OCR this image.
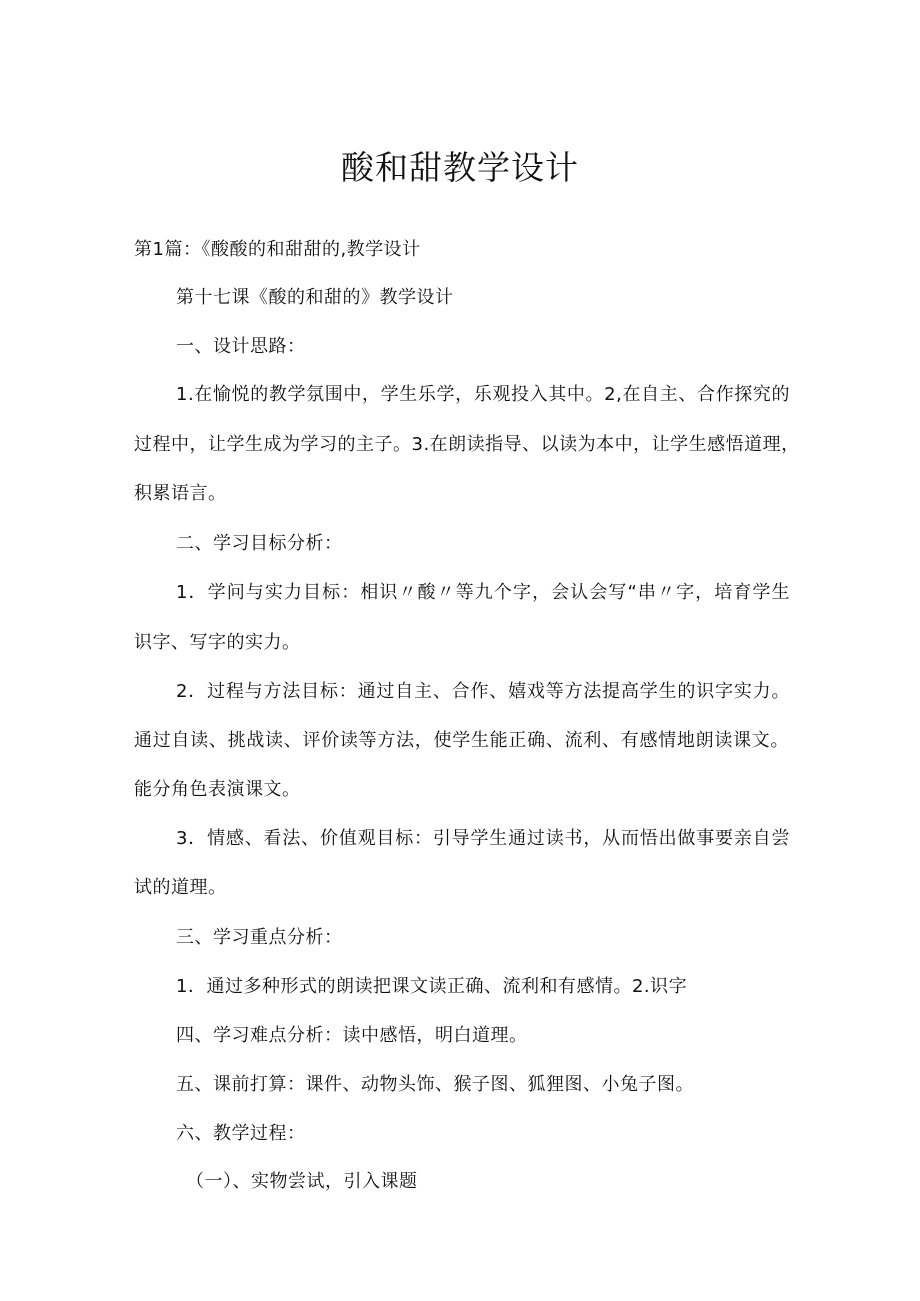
酸和甜教学设计
第1篇：《酸酸的和甜甜的,教学设计
第十七课《酸的和甜的》教学设计
一、设计思路：
1.在愉悦的教学氛围中，学生乐学，乐观投入其中。2,在自主、合作探究的
过程中，让学生成为学习的主子。3.在朗读指导、以读为本中，让学生感悟道理，
积累语言。
二、学习目标分析：
1．学问与实力目标：相识〃酸〃等九个字，会认会写“串〃字，培育学生
识字、写字的实力。
2．过程与方法目标：通过自主、合作、嬉戏等方法提高学生的识字实力。
通过自读、挑战读、评价读等方法，使学生能正确、流利、有感情地朗读课文。
能分角色表演课文。
3．情感、看法、价值观目标：引导学生通过读书，从而悟出做事要亲自尝
试的道理。
三、学习重点分析：
1．通过多种形式的朗读把课文读正确、流利和有感情。2.识字
四、学习难点分析：读中感悟，明白道理。
五、课前打算：课件、动物头饰、猴子图、狐狸图、小兔子图。
六、教学过程：
（一）、实物尝试，引入课题
